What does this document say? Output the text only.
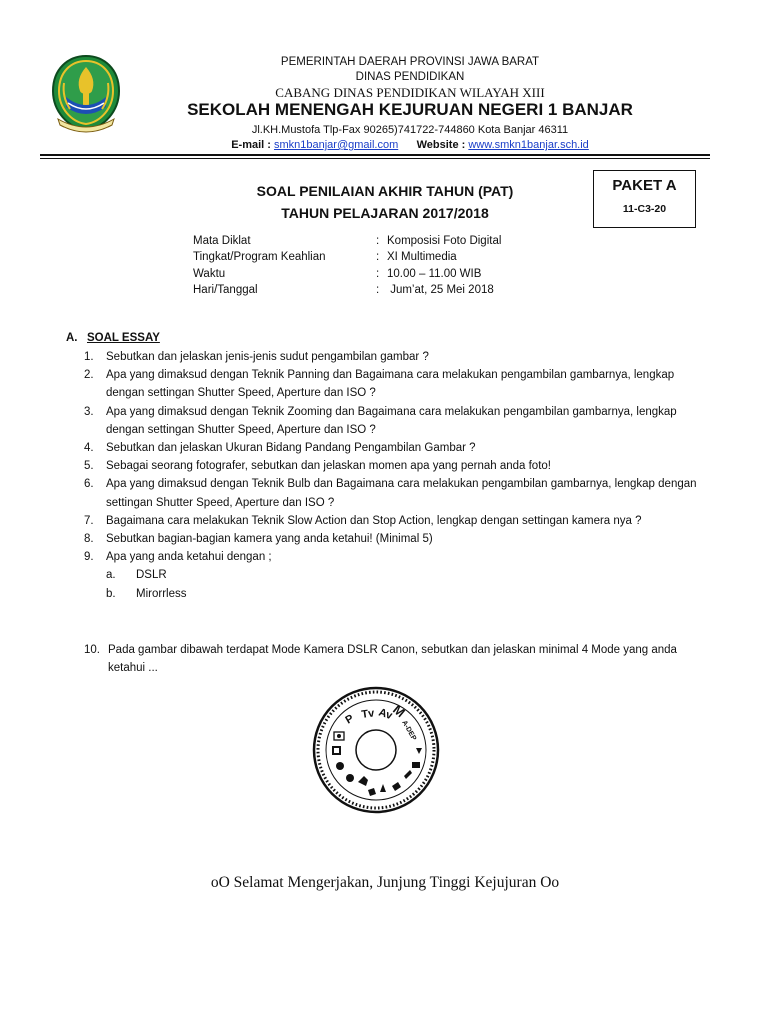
PEMERINTAH DAERAH PROVINSI JAWA BARAT
DINAS PENDIDIKAN
CABANG DINAS PENDIDIKAN WILAYAH XIII
SEKOLAH MENENGAH KEJURUAN NEGERI 1 BANJAR
Jl.KH.Mustofa Tlp-Fax 90265)741722-744860 Kota Banjar 46311
E-mail : smkn1banjar@gmail.com Website : www.smkn1banjar.sch.id
SOAL PENILAIAN AKHIR TAHUN (PAT)
TAHUN PELAJARAN 2017/2018
PAKET A
11-C3-20
Mata Diklat	: Komposisi Foto Digital
Tingkat/Program Keahlian	: XI Multimedia
Waktu	: 10.00 – 11.00 WIB
Hari/Tanggal	: Jum’at, 25 Mei 2018
A. SOAL ESSAY
1.	Sebutkan dan jelaskan jenis-jenis sudut pengambilan gambar ?
2.	Apa yang dimaksud dengan Teknik Panning dan Bagaimana cara melakukan pengambilan gambarnya, lengkap dengan settingan Shutter Speed, Aperture dan ISO ?
3.	Apa yang dimaksud dengan Teknik Zooming dan Bagaimana cara melakukan pengambilan gambarnya, lengkap dengan settingan Shutter Speed, Aperture dan ISO ?
4.	Sebutkan dan jelaskan Ukuran Bidang Pandang Pengambilan Gambar ?
5.	Sebagai seorang fotografer, sebutkan dan jelaskan momen apa yang pernah anda foto!
6.	Apa yang dimaksud dengan Teknik Bulb dan Bagaimana cara melakukan pengambilan gambarnya, lengkap dengan settingan Shutter Speed, Aperture dan ISO ?
7.	Bagaimana cara melakukan Teknik Slow Action dan Stop Action, lengkap dengan settingan kamera nya ?
8.	Sebutkan bagian-bagian kamera yang anda ketahui! (Minimal 5)
9.	Apa yang anda ketahui dengan ;
a.	DSLR
b.	Mirorrless
10. Pada gambar dibawah terdapat Mode Kamera DSLR Canon, sebutkan dan jelaskan minimal 4 Mode yang anda ketahui ...
M
Av
Tv
P	A-DEP
oO Selamat Mengerjakan, Junjung Tinggi Kejujuran Oo
